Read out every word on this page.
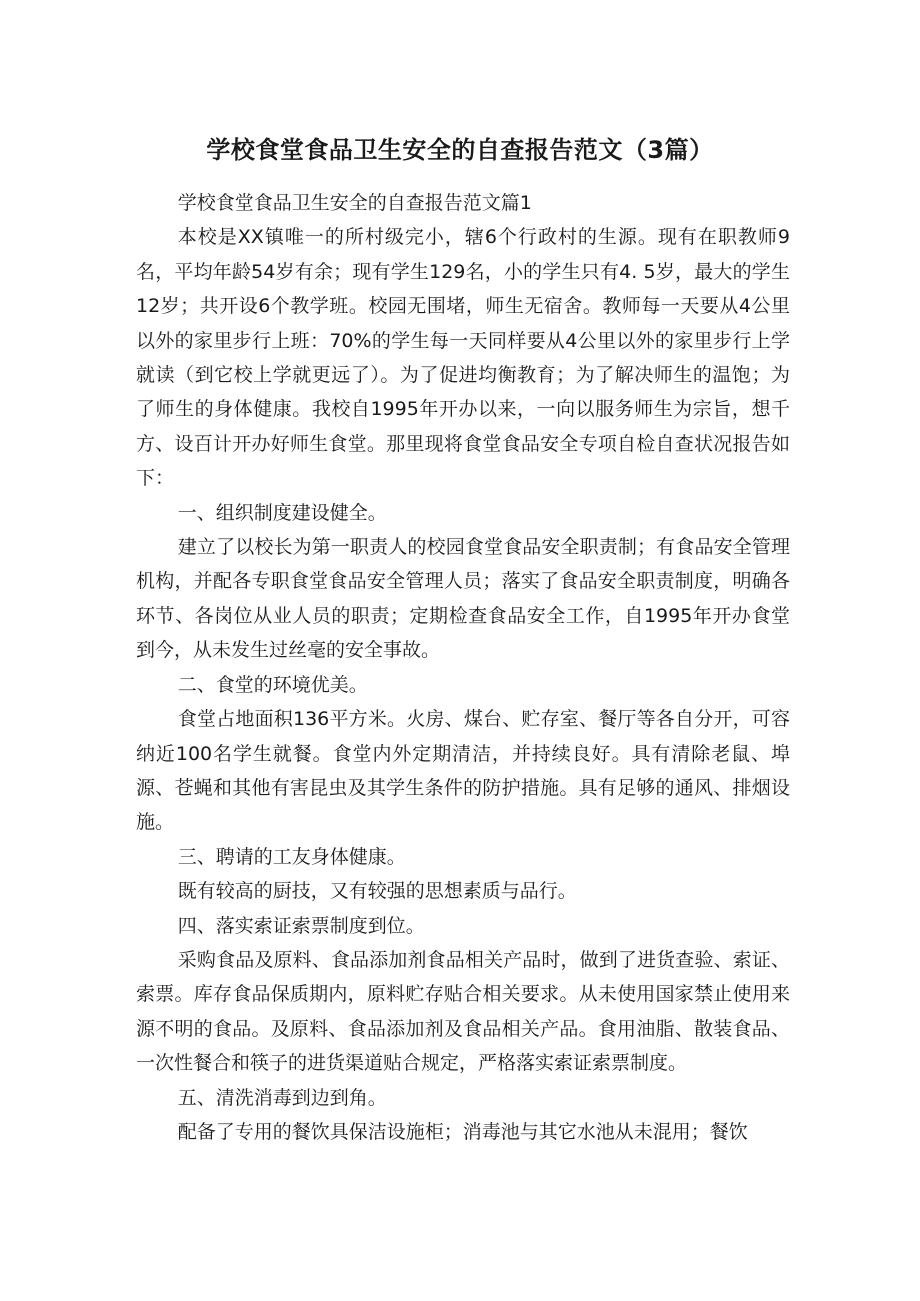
学校食堂食品卫生安全的自查报告范文（3篇）

学校食堂食品卫生安全的自查报告范文篇1

本校是XX镇唯一的所村级完小，辖6个行政村的生源。现有在职教师9名，平均年龄54岁有余；现有学生129名，小的学生只有4. 5岁，最大的学生12岁；共开设6个教学班。校园无围堵，师生无宿舍。教师每一天要从4公里以外的家里步行上班：70%的学生每一天同样要从4公里以外的家里步行上学就读（到它校上学就更远了）。为了促进均衡教育；为了解决师生的温饱；为了师生的身体健康。我校自1995年开办以来，一向以服务师生为宗旨，想千方、设百计开办好师生食堂。那里现将食堂食品安全专项自检自查状况报告如下：

一、组织制度建设健全。

建立了以校长为第一职责人的校园食堂食品安全职责制；有食品安全管理机构，并配各专职食堂食品安全管理人员；落实了食品安全职责制度，明确各环节、各岗位从业人员的职责；定期检查食品安全工作，自1995年开办食堂到今，从未发生过丝毫的安全事故。

二、食堂的环境优美。

食堂占地面积136平方米。火房、煤台、贮存室、餐厅等各自分开，可容纳近100名学生就餐。食堂内外定期清洁，并持续良好。具有清除老鼠、埠源、苍蝇和其他有害昆虫及其学生条件的防护措施。具有足够的通风、排烟设施。

三、聘请的工友身体健康。

既有较高的厨技，又有较强的思想素质与品行。

四、落实索证索票制度到位。

采购食品及原料、食品添加剂食品相关产品时，做到了进货查验、索证、索票。库存食品保质期内，原料贮存贴合相关要求。从未使用国家禁止使用来源不明的食品。及原料、食品添加剂及食品相关产品。食用油脂、散装食品、一次性餐合和筷子的进货渠道贴合规定，严格落实索证索票制度。

五、清洗消毒到边到角。

配备了专用的餐饮具保洁设施柜；消毒池与其它水池从未混用；餐饮
